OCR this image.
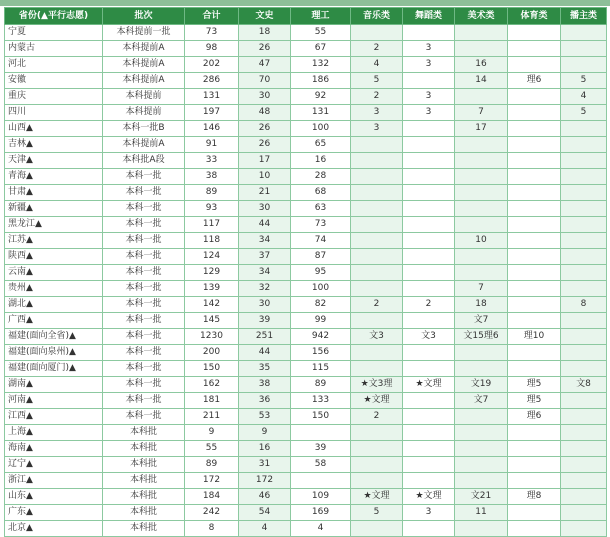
省份(▲平行志愿)	批次	合计	文史	理工	音乐类	舞蹈类	美术类	体育类	播主类
宁夏	本科提前一批	73	18	55					
内蒙古	本科提前A	98	26	67	2	3			
河北	本科提前A	202	47	132	4	3	16		
安徽	本科提前A	286	70	186	5		14	理6	5
重庆	本科提前	131	30	92	2	3			4
四川	本科提前	197	48	131	3	3	7		5
山西▲	本科一批B	146	26	100	3		17		
吉林▲	本科提前A	91	26	65					
天津▲	本科批A段	33	17	16					
青海▲	本科一批	38	10	28					
甘肃▲	本科一批	89	21	68					
新疆▲	本科一批	93	30	63					
黑龙江▲	本科一批	117	44	73					
江苏▲	本科一批	118	34	74			10		
陕西▲	本科一批	124	37	87					
云南▲	本科一批	129	34	95					
贵州▲	本科一批	139	32	100			7		
湖北▲	本科一批	142	30	82	2	2	18		8
广西▲	本科一批	145	39	99			文7		
福建(面向全省)▲	本科一批	1230	251	942	文3	文3	文15理6	理10	
福建(面向泉州)▲	本科一批	200	44	156					
福建(面向厦门)▲	本科一批	150	35	115					
湖南▲	本科一批	162	38	89	★文3理	★文理	文19	理5	文8
河南▲	本科一批	181	36	133	★文理		文7	理5	
江西▲	本科一批	211	53	150	2			理6	
上海▲	本科批	9	9						
海南▲	本科批	55	16	39					
辽宁▲	本科批	89	31	58					
浙江▲	本科批	172	172						
山东▲	本科批	184	46	109	★文理	★文理	文21	理8	
广东▲	本科批	242	54	169	5	3	11		
北京▲	本科批	8	4	4					
